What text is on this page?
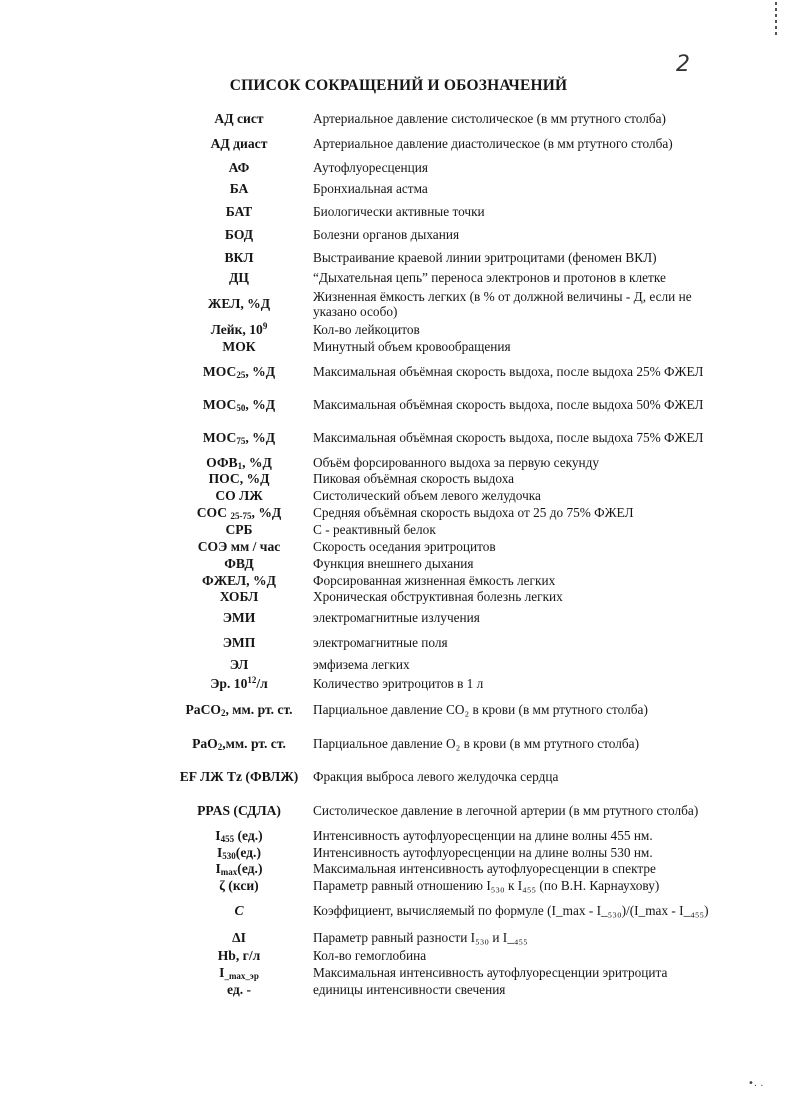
2
СПИСОК СОКРАЩЕНИЙ И ОБОЗНАЧЕНИЙ
АД сист	Артериальное давление систолическое (в мм ртутного столба)
АД диаст	Артериальное давление диастолическое (в мм ртутного столба)
АФ	Аутофлуоресценция
БА	Бронхиальная астма
БАТ	Биологически активные точки
БОД	Болезни органов дыхания
ВКЛ	Выстраивание краевой линии эритроцитами (феномен ВКЛ)
ДЦ	“Дыхательная цепь” переноса электронов и протонов в клетке
ЖЕЛ, %Д	Жизненная ёмкость легких (в % от должной величины - Д, если не указано особо)
Лейк, $10^9$	Кол-во лейкоцитов
МОК	Минутный объем кровообращения
$МОС_{25}$, %Д	Максимальная объёмная скорость выдоха, после выдоха 25% ФЖЕЛ
$МОС_{50}$, %Д	Максимальная объёмная скорость выдоха, после выдоха 50% ФЖЕЛ
$МОС_{75}$, %Д	Максимальная объёмная скорость выдоха, после выдоха 75% ФЖЕЛ
$ОФВ_1$, %Д	Объём форсированного выдоха за первую секунду
ПОС, %Д	Пиковая объёмная скорость выдоха
СО ЛЖ	Систолический объем левого желудочка
СОС $_{25-75}$, %Д	Средняя объёмная скорость выдоха от 25 до 75% ФЖЕЛ
СРБ	С - реактивный белок
СОЭ мм / час	Скорость оседания эритроцитов
ФВД	Функция внешнего дыхания
ФЖЕЛ, %Д	Форсированная жизненная ёмкость легких
ХОБЛ	Хроническая обструктивная болезнь легких
ЭМИ	электромагнитные излучения
ЭМП	электромагнитные поля
ЭЛ	эмфизема легких
Эр. $10^{12}/л$	Количество эритроцитов в 1 л
PaCO$_2$, мм. рт. ст.	Парциальное давление СО₂ в крови (в мм ртутного столба)
PaO$_2$,мм. рт. ст.	Парциальное давление О₂ в крови (в мм ртутного столба)
EF ЛЖ Tz (ФВЛЖ)	Фракция выброса левого желудочка сердца
PPAS (СДЛА)	Систолическое давление в легочной артерии (в мм ртутного столба)
$I_{455}$ (ед.)	Интенсивность аутофлуоресценции на длине волны 455 нм.
$I_{530}(ед.)$	Интенсивность аутофлуоресценции на длине волны 530 нм.
$I_{max}(ед.)$	Максимальная интенсивность аутофлуоресценции в спектре
ζ (кси)	Параметр равный отношению I₅₃₀ к I₄₅₅ (по В.Н. Карнаухову)
C	Коэффициент, вычисляемый по формуле (I_max - I_₅₃₀)/(I_max - I_₄₅₅)
ΔI	Параметр равный разности I₅₃₀ и I_₄₅₅
Hb, г/л	Кол-во гемоглобина
$I_{\_max\_эр}$	Максимальная интенсивность аутофлуоресценции эритроцита
ед. -	единицы интенсивности свечения
•. .
